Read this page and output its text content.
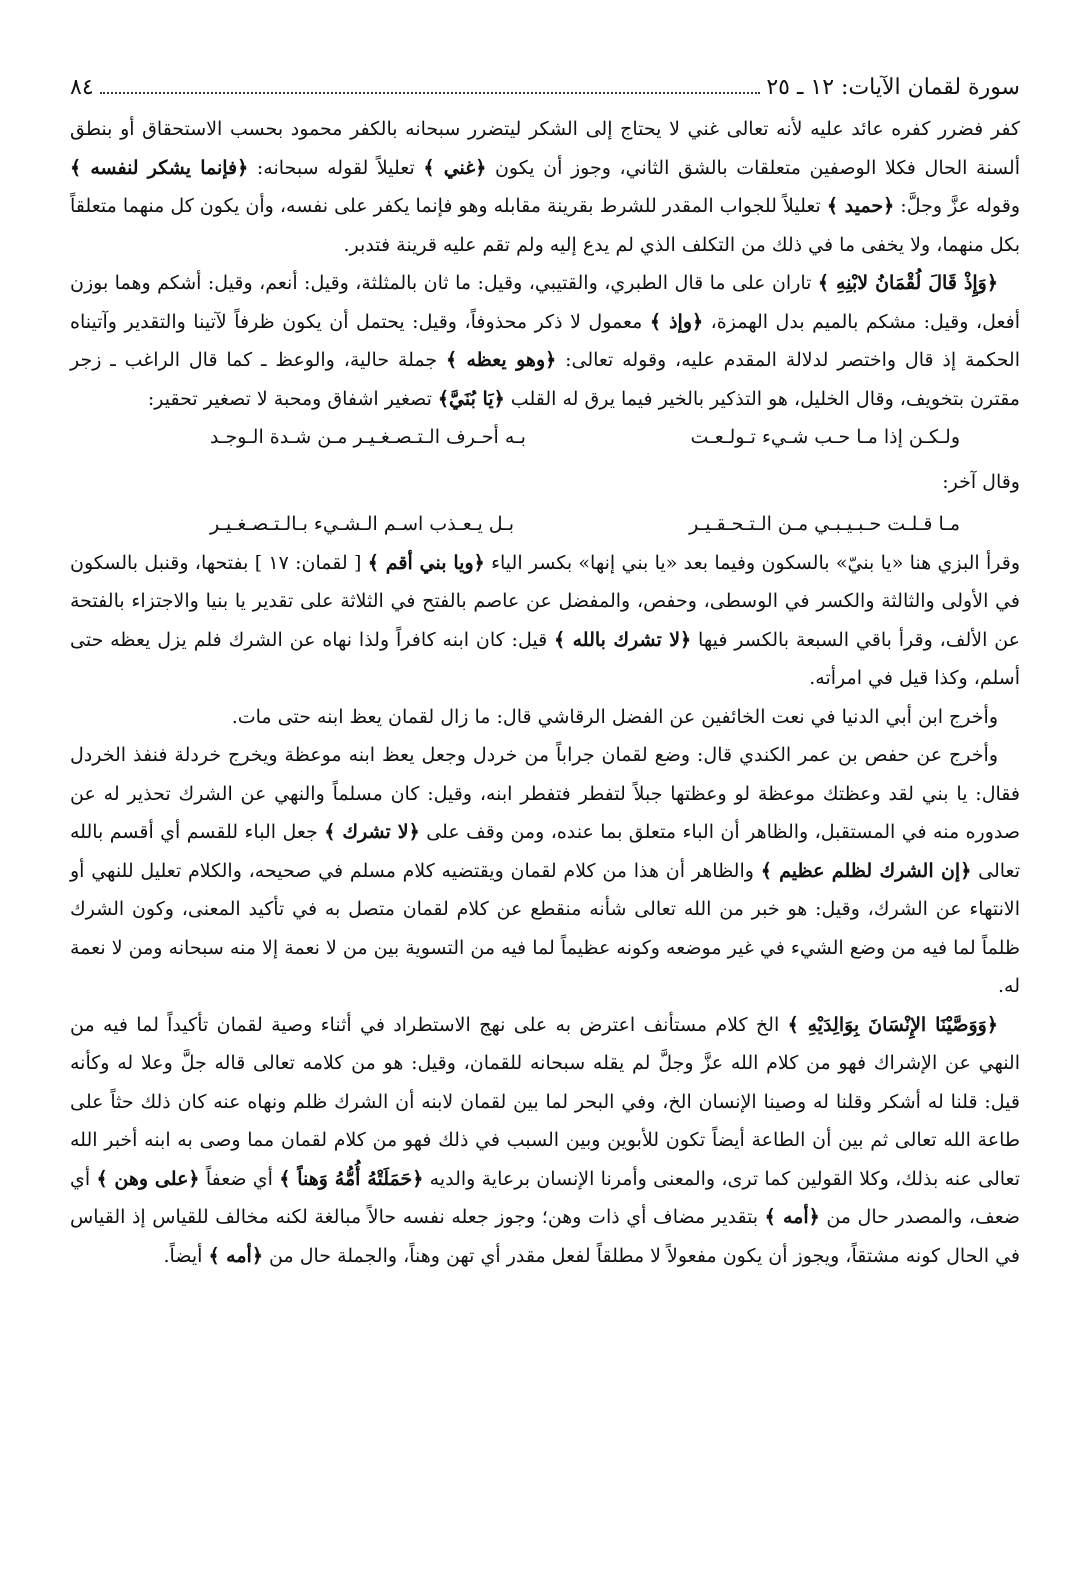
سورة لقمان الآيات: ١٢ ـ ٢٥
٨٤

كفر فضرر كفره عائد عليه لأنه تعالى غني لا يحتاج إلى الشكر ليتضرر سبحانه بالكفر محمود بحسب الاستحقاق أو بنطق ألسنة الحال فكلا الوصفين متعلقات بالشق الثاني، وجوز أن يكون ﴿غني ﴾ تعليلاً لقوله سبحانه: ﴿فإنما يشكر لنفسه ﴾ وقوله عزَّ وجلَّ: ﴿حميد ﴾ تعليلاً للجواب المقدر للشرط بقرينة مقابله وهو فإنما يكفر على نفسه، وأن يكون كل منهما متعلقاً بكل منهما، ولا يخفى ما في ذلك من التكلف الذي لم يدع إليه ولم تقم عليه قرينة فتدبر.

﴿وَإِذْ قَالَ لُقْمَانُ لابْنِهِ ﴾ تاران على ما قال الطبري، والقتيبي، وقيل: ما ثان بالمثلثة، وقيل: أنعم، وقيل: أشكم وهما بوزن أفعل، وقيل: مشكم بالميم بدل الهمزة، ﴿وإذ ﴾ معمول لا ذكر محذوفاً، وقيل: يحتمل أن يكون ظرفاً لآتينا والتقدير وآتيناه الحكمة إذ قال واختصر لدلالة المقدم عليه، وقوله تعالى: ﴿وهو يعظه ﴾ جملة حالية، والوعظ ـ كما قال الراغب ـ زجر مقترن بتخويف، وقال الخليل، هو التذكير بالخير فيما يرق له القلب ﴿يَا بُنَيَّ﴾ تصغير اشفاق ومحبة لا تصغير تحقير:

ولـكـن إذا مـا حـب شـيء تـولـعـت
بـه أحـرف الـتـصـغـيـر مـن شـدة الـوجـد
وقال آخر:
مـا قـلـت حـبـيـبـي مـن الـتـحـقـيـر
بـل يـعـذب اسـم الـشـيء بـالـتـصـغـيـر

وقرأ البزي هنا «يا بنيّ» بالسكون وفيما بعد «يا بني إنها» بكسر الياء ﴿ويا بني أقم ﴾ [ لقمان: ١٧ ] بفتحها، وقنبل بالسكون في الأولى والثالثة والكسر في الوسطى، وحفص، والمفضل عن عاصم بالفتح في الثلاثة على تقدير يا بنيا والاجتزاء بالفتحة عن الألف، وقرأ باقي السبعة بالكسر فيها ﴿لا تشرك بالله ﴾ قيل: كان ابنه كافراً ولذا نهاه عن الشرك فلم يزل يعظه حتى أسلم، وكذا قيل في امرأته.

وأخرج ابن أبي الدنيا في نعت الخائفين عن الفضل الرقاشي قال: ما زال لقمان يعظ ابنه حتى مات.

وأخرج عن حفص بن عمر الكندي قال: وضع لقمان جراباً من خردل وجعل يعظ ابنه موعظة ويخرج خردلة فنفذ الخردل فقال: يا بني لقد وعظتك موعظة لو وعظتها جبلاً لتفطر فتفطر ابنه، وقيل: كان مسلماً والنهي عن الشرك تحذير له عن صدوره منه في المستقبل، والظاهر أن الباء متعلق بما عنده، ومن وقف على ﴿لا تشرك ﴾ جعل الباء للقسم أي أقسم بالله تعالى ﴿إن الشرك لظلم عظيم ﴾ والظاهر أن هذا من كلام لقمان ويقتضيه كلام مسلم في صحيحه، والكلام تعليل للنهي أو الانتهاء عن الشرك، وقيل: هو خبر من الله تعالى شأنه منقطع عن كلام لقمان متصل به في تأكيد المعنى، وكون الشرك ظلماً لما فيه من وضع الشيء في غير موضعه وكونه عظيماً لما فيه من التسوية بين من لا نعمة إلا منه سبحانه ومن لا نعمة له.

﴿وَوَصَّيْنَا الإِنْسَانَ بِوَالِدَيْهِ ﴾ الخ كلام مستأنف اعترض به على نهج الاستطراد في أثناء وصية لقمان تأكيداً لما فيه من النهي عن الإشراك فهو من كلام الله عزَّ وجلَّ لم يقله سبحانه للقمان، وقيل: هو من كلامه تعالى قاله جلَّ وعلا له وكأنه قيل: قلنا له أشكر وقلنا له وصينا الإنسان الخ، وفي البحر لما بين لقمان لابنه أن الشرك ظلم ونهاه عنه كان ذلك حثاً على طاعة الله تعالى ثم بين أن الطاعة أيضاً تكون للأبوين وبين السبب في ذلك فهو من كلام لقمان مما وصى به ابنه أخبر الله تعالى عنه بذلك، وكلا القولين كما ترى، والمعنى وأمرنا الإنسان برعاية والديه ﴿حَمَلَتْهُ أُمُّهُ وَهناً ﴾ أي ضعفاً ﴿على وهن ﴾ أي ضعف، والمصدر حال من ﴿أمه ﴾ بتقدير مضاف أي ذات وهن؛ وجوز جعله نفسه حالاً مبالغة لكنه مخالف للقياس إذ القياس في الحال كونه مشتقاً، ويجوز أن يكون مفعولاً لا مطلقاً لفعل مقدر أي تهن وهناً، والجملة حال من ﴿أمه ﴾ أيضاً.
